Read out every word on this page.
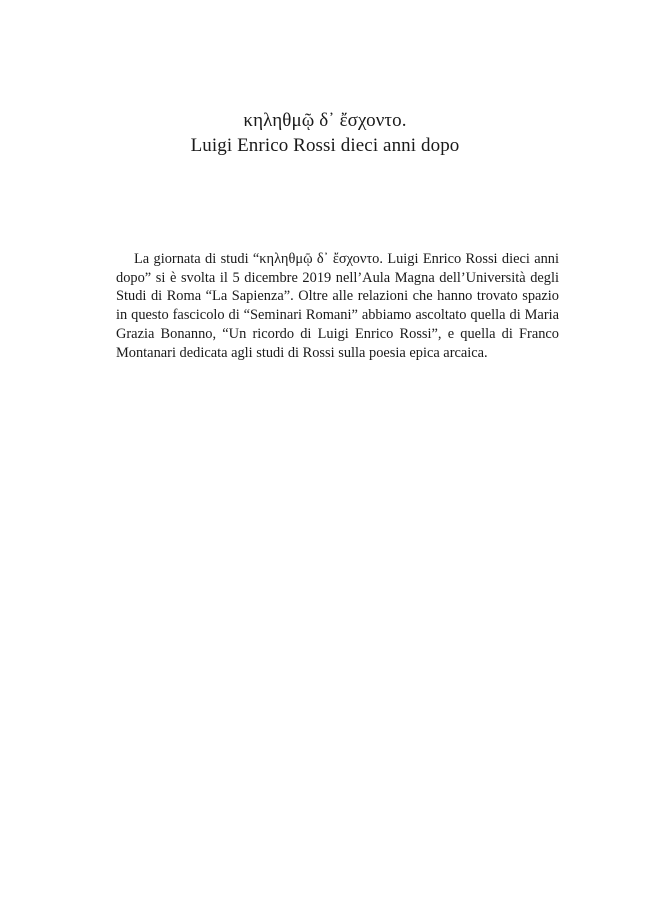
κηληθμῷ δ᾽ ἔσχοντο.
Luigi Enrico Rossi dieci anni dopo

La giornata di studi “κηληθμῷ δ᾽ ἔσχοντο. Luigi Enrico Rossi dieci anni dopo” si è svolta il 5 dicembre 2019 nell’Aula Magna dell’Università degli Studi di Roma “La Sapienza”. Oltre alle relazioni che hanno trovato spazio in questo fascicolo di “Seminari Romani” abbiamo ascoltato quella di Maria Grazia Bonanno, “Un ricordo di Luigi Enrico Rossi”, e quella di Franco Montanari dedicata agli studi di Rossi sulla poesia epica arcaica.
